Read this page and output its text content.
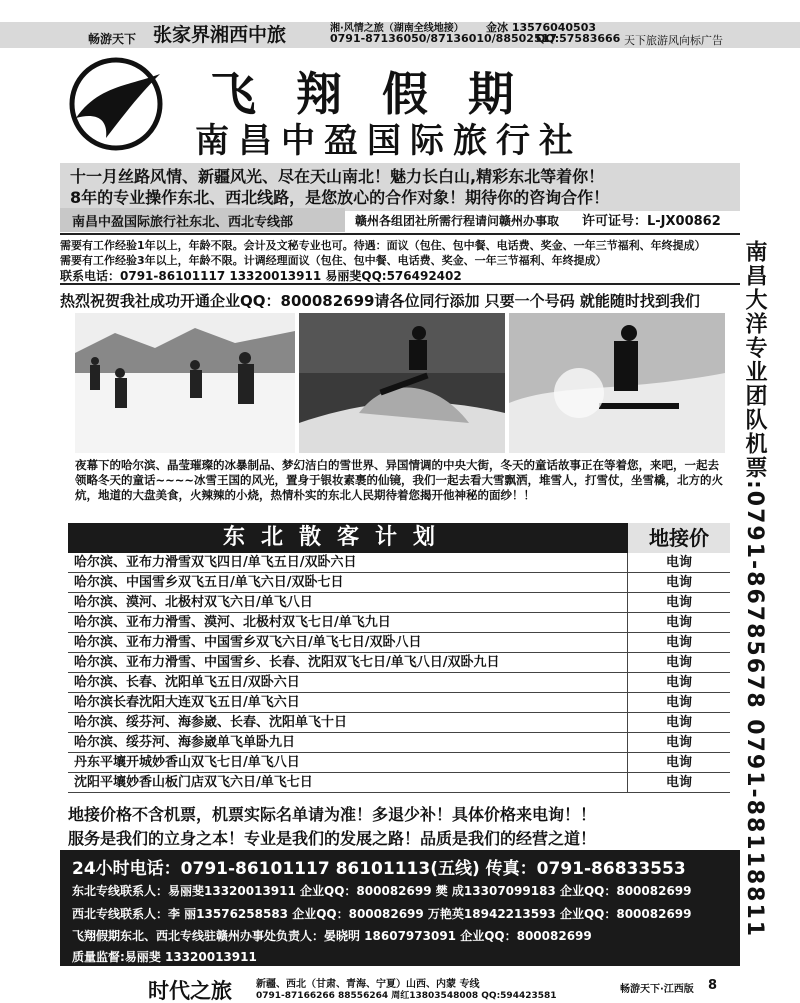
畅游天下 张家界湘西中旅	湘·风情之旅（湖南全线地接）
0791-87136050/87136010/88502517
金冰 13576040503
QQ:57583666 天下旅游风向标广告
飞翔假期
南昌中盈国际旅行社
十一月丝路风情、新疆风光、尽在天山南北！魅力长白山,精彩东北等着你！
8年的专业操作东北、西北线路，是您放心的合作对象！期待你的咨询合作！
南昌中盈国际旅行社东北、西北专线部	赣州各组团社所需行程请问赣州办事取 许可证号：L-JX00862
需要有工作经验1年以上，年龄不限。会计及文秘专业也可。待遇：面议（包住、包中餐、电话费、奖金、一年三节福利、年终提成）
需要有工作经验3年以上，年龄不限。计调经理面议（包住、包中餐、电话费、奖金、一年三节福利、年终提成）
联系电话：0791-86101117 13320013911 易丽斐QQ:576492402	南昌大洋专业团队机票:0791-86785678 0791-88118811
热烈祝贺我社成功开通企业QQ：800082699请各位同行添加 只要一个号码 就能随时找到我们
夜幕下的哈尔滨、晶莹璀璨的冰暴制品、梦幻洁白的雪世界、异国情调的中央大街，冬天的童话故事正在等着您，来吧，一起去领略冬天的童话~~~~冰雪王国的风光，置身于银妆素裹的仙镜，我们一起去看大雪飘洒，堆雪人，打雪仗，坐雪橇，北方的火炕，地道的大盘美食，火辣辣的小烧，热情朴实的东北人民期待着您揭开他神秘的面纱！！
东北散客计划	地接价
哈尔滨、亚布力滑雪双飞四日/单飞五日/双卧六日	电询
哈尔滨、中国雪乡双飞五日/单飞六日/双卧七日	电询
哈尔滨、漠河、北极村双飞六日/单飞八日	电询
哈尔滨、亚布力滑雪、漠河、北极村双飞七日/单飞九日	电询
哈尔滨、亚布力滑雪、中国雪乡双飞六日/单飞七日/双卧八日	电询
哈尔滨、亚布力滑雪、中国雪乡、长春、沈阳双飞七日/单飞八日/双卧九日	电询
哈尔滨、长春、沈阳单飞五日/双卧六日	电询
哈尔滨长春沈阳大连双飞五日/单飞六日	电询
哈尔滨、绥芬河、海参崴、长春、沈阳单飞十日	电询
哈尔滨、绥芬河、海参崴单飞单卧九日	电询
丹东平壤开城妙香山双飞七日/单飞八日	电询
沈阳平壤妙香山板门店双飞六日/单飞七日	电询
地接价格不含机票，机票实际名单请为准！多退少补！具体价格来电询！！
服务是我们的立身之本！专业是我们的发展之路！品质是我们的经营之道！
24小时电话：0791-86101117 86101113(五线) 传真：0791-86833553
东北专线联系人：易丽斐13320013911 企业QQ：800082699 樊 成13307099183 企业QQ：800082699
西北专线联系人：李 丽13576258583 企业QQ：800082699 万艳英18942213593 企业QQ：800082699
飞翔假期东北、西北专线驻赣州办事处负责人：晏晓明 18607973091 企业QQ：800082699
质量监督:易丽斐 13320013911
时代之旅 新疆、西北（甘肃、青海、宁夏）山西、内蒙 专线
0791-87166266 88556264 周红13803548008 QQ:594423581
畅游天下·江西版 8
